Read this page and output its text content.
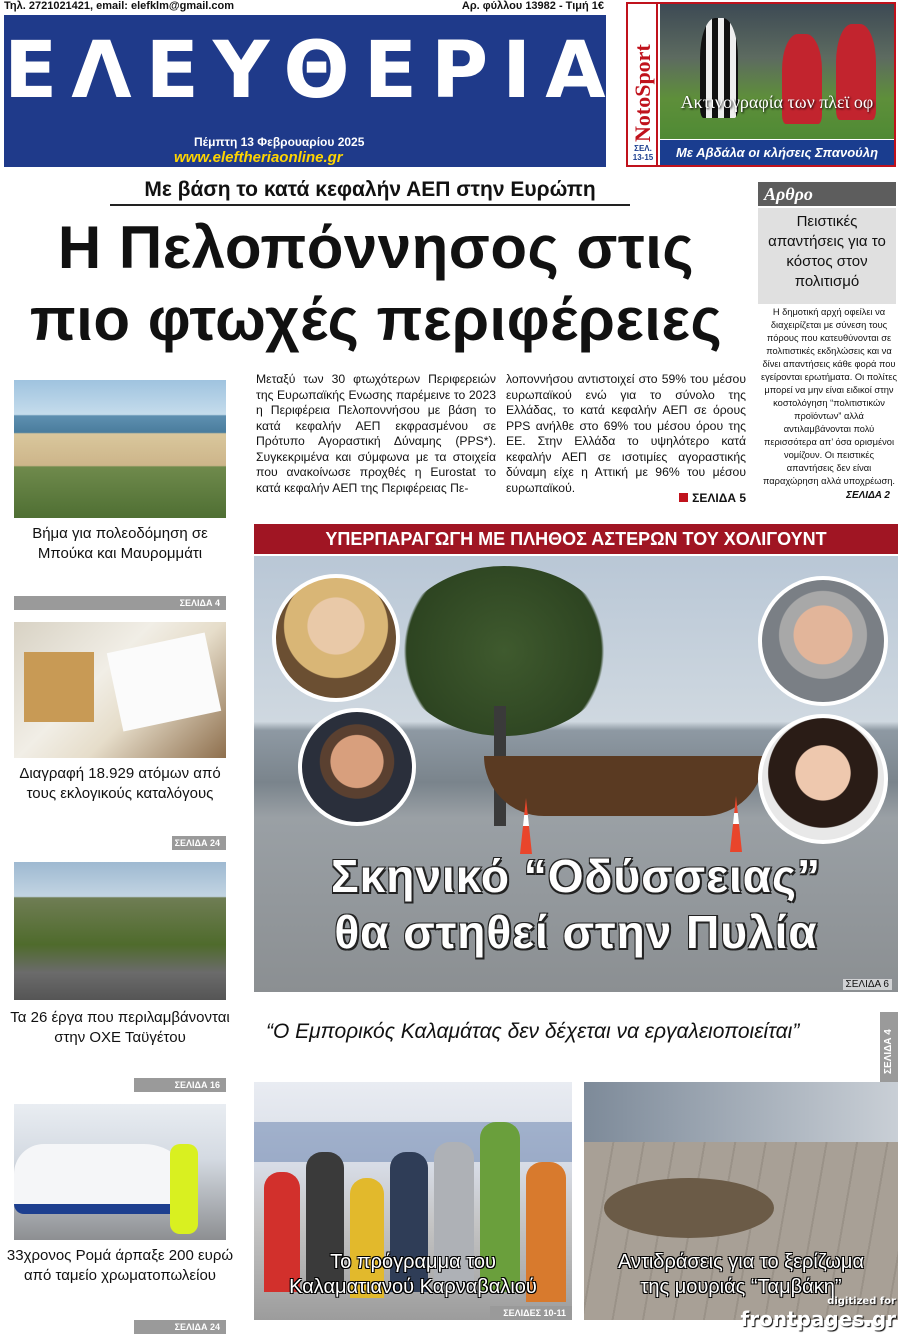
Τηλ. 2721021421, email: elefklm@gmail.com	Αρ. φύλλου 13982 - Τιμή 1€
ΕΛΕΥΘΕΡΙΑ
Πέμπτη 13 Φεβρουαρίου 2025
www.eleftheriaonline.gr
NotoSport
ΣΕΛ. 13-15
Ακτινογραφία των πλεϊ οφ
Με Αβδάλα οι κλήσεις Σπανούλη
Με βάση το κατά κεφαλήν ΑΕΠ στην Ευρώπη
Η Πελοπόννησος στις
πιο φτωχές περιφέρειες
Μεταξύ των 30 φτωχότερων Περιφερειών της Ευρωπαϊκής Ενωσης παρέμεινε το 2023 η Περιφέρεια Πελοποννήσου με βάση το κατά κεφαλήν ΑΕΠ εκφρασμένου σε Πρότυπο Αγοραστική Δύναμης (PPS*). Συγκεκριμένα και σύμφωνα με τα στοιχεία που ανακοίνωσε προχθές η Eurostat το κατά κεφαλήν ΑΕΠ της Περιφέρειας Πε-
λοποννήσου αντιστοιχεί στο 59% του μέσου ευρωπαϊκού ενώ για το σύνολο της Ελλάδας, το κατά κεφαλήν ΑΕΠ σε όρους PPS ανήλθε στο 69% του μέσου όρου της ΕΕ. Στην Ελλάδα το υψηλότερο κατά κεφαλήν ΑΕΠ σε ισοτιμίες αγοραστικής δύναμη είχε η Αττική με 96% του μέσου ευρωπαϊκού.
ΣΕΛΙΔΑ 5
Αρθρο
Πειστικές απαντήσεις για το κόστος στον πολιτισμό
Η δημοτική αρχή οφείλει να διαχειρίζεται με σύνεση τους πόρους που κατευθύνονται σε πολιτιστικές εκδηλώσεις και να δίνει απαντήσεις κάθε φορά που εγείρονται ερωτήματα. Οι πολίτες μπορεί να μην είναι ειδικοί στην κοστολόγηση “πολιτιστικών προϊόντων” αλλά αντιλαμβάνονται πολύ περισσότερα απ’ όσα ορισμένοι νομίζουν. Οι πειστικές απαντήσεις δεν είναι παραχώρηση αλλά υποχρέωση.
ΣΕΛΙΔΑ 2
Βήμα για πολεοδόμηση σε Μπούκα και Μαυρομμάτι
ΣΕΛΙΔΑ 4
Διαγραφή 18.929 ατόμων από τους εκλογικούς καταλόγους
ΣΕΛΙΔΑ 24
Τα 26 έργα που περιλαμβάνονται στην ΟΧΕ Ταϋγέτου
ΣΕΛΙΔΑ 16
33χρονος Ρομά άρπαξε 200 ευρώ από ταμείο χρωματοπωλείου
ΣΕΛΙΔΑ 24
ΥΠΕΡΠΑΡΑΓΩΓΗ ΜΕ ΠΛΗΘΟΣ ΑΣΤΕΡΩΝ ΤΟΥ ΧΟΛΙΓΟΥΝΤ
Σκηνικό “Οδύσσειας”
θα στηθεί στην Πυλία
ΣΕΛΙΔΑ 6
“Ο Εμπορικός Καλαμάτας δεν δέχεται να εργαλειοποιείται”	ΣΕΛΙΔΑ 4
Το πρόγραμμα του
Καλαματιανού Καρναβαλιού
ΣΕΛΙΔΕΣ 10-11
Αντιδράσεις για το ξερίζωμα
της μουριάς “Ταμβάκη”
digitized for
frontpages.gr
